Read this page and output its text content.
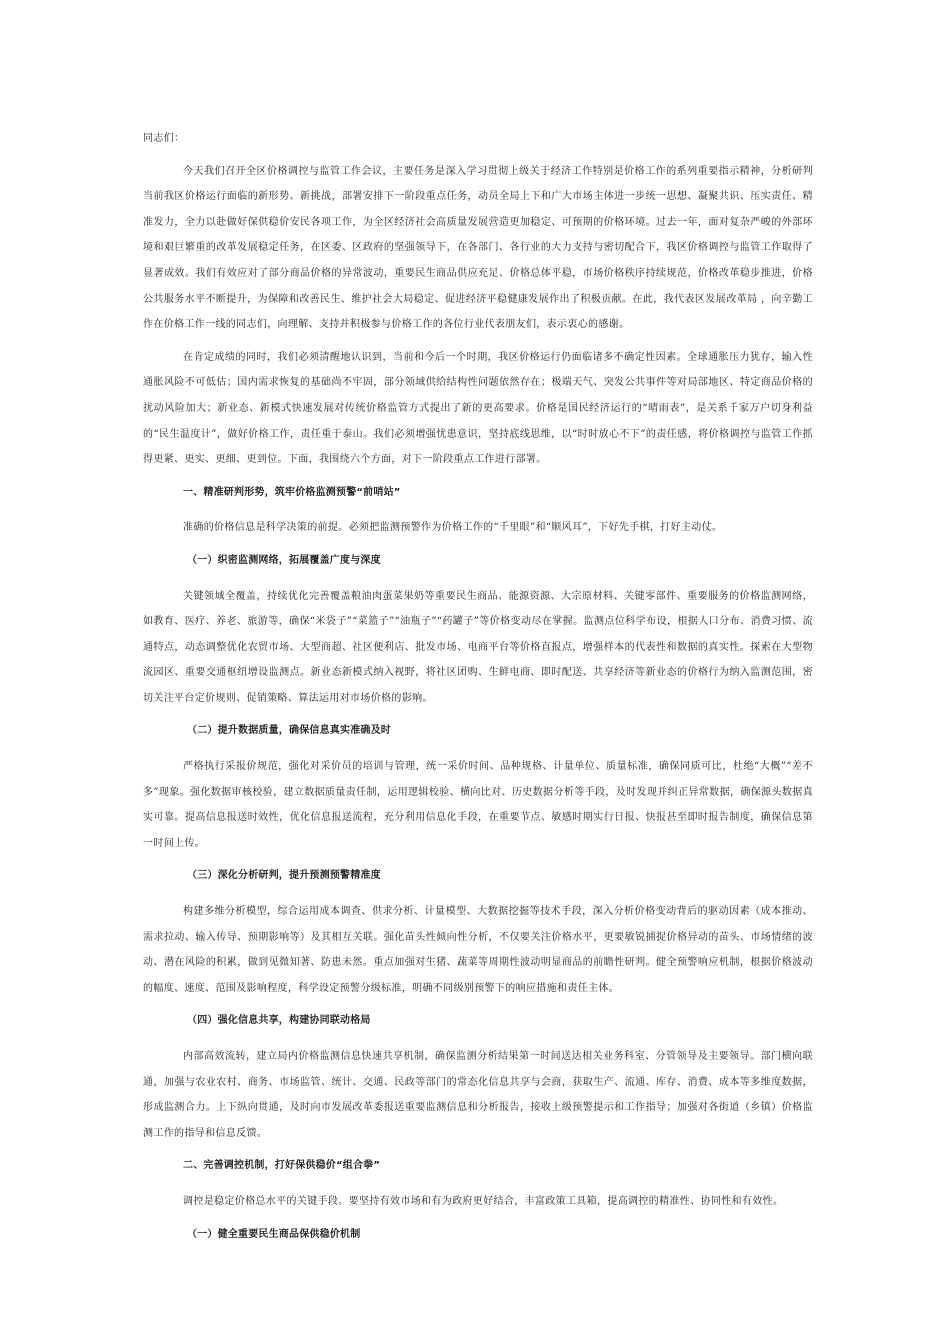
同志们：

今天我们召开全区价格调控与监管工作会议，主要任务是深入学习贯彻上级关于经济工作特别是价格工作的系列重要指示精神，分析研判当前我区价格运行面临的新形势、新挑战，部署安排下一阶段重点任务，动员全局上下和广大市场主体进一步统一思想、凝聚共识、压实责任、精准发力，全力以赴做好保供稳价安民各项工作，为全区经济社会高质量发展营造更加稳定、可预期的价格环境。过去一年，面对复杂严峻的外部环境和艰巨繁重的改革发展稳定任务，在区委、区政府的坚强领导下，在各部门、各行业的大力支持与密切配合下，我区价格调控与监管工作取得了显著成效。我们有效应对了部分商品价格的异常波动，重要民生商品供应充足、价格总体平稳，市场价格秩序持续规范，价格改革稳步推进，价格公共服务水平不断提升，为保障和改善民生、维护社会大局稳定、促进经济平稳健康发展作出了积极贡献。在此，我代表区发展改革局 ，向辛勤工作在价格工作一线的同志们，向理解、支持并积极参与价格工作的各位行业代表朋友们，表示衷心的感谢。

在肯定成绩的同时，我们必须清醒地认识到，当前和今后一个时期，我区价格运行仍面临诸多不确定性因素。全球通胀压力犹存，输入性通胀风险不可低估；国内需求恢复的基础尚不牢固，部分领域供给结构性问题依然存在；极端天气、突发公共事件等对局部地区、特定商品价格的扰动风险加大；新业态、新模式快速发展对传统价格监管方式提出了新的更高要求。价格是国民经济运行的“晴雨表”，是关系千家万户切身利益的“民生温度计”，做好价格工作，责任重于泰山。我们必须增强忧患意识，坚持底线思维，以“时时放心不下”的责任感，将价格调控与监管工作抓得更紧、更实、更细、更到位。下面，我围绕六个方面，对下一阶段重点工作进行部署。

一、精准研判形势，筑牢价格监测预警“前哨站”

准确的价格信息是科学决策的前提。必须把监测预警作为价格工作的“千里眼”和“顺风耳”，下好先手棋，打好主动仗。

（一）织密监测网络，拓展覆盖广度与深度

关键领域全覆盖，持续优化完善覆盖粮油肉蛋菜果奶等重要民生商品、能源资源、大宗原材料、关键零部件、重要服务的价格监测网络，如教育、医疗、养老、旅游等，确保“米袋子”“菜篮子”“油瓶子”“药罐子”等价格变动尽在掌握。监测点位科学布设，根据人口分布、消费习惯、流通特点，动态调整优化农贸市场、大型商超、社区便利店、批发市场、电商平台等价格直报点，增强样本的代表性和数据的真实性。探索在大型物流园区、重要交通枢纽增设监测点。新业态新模式纳入视野，将社区团购、生鲜电商、即时配送、共享经济等新业态的价格行为纳入监测范围，密切关注平台定价规则、促销策略、算法运用对市场价格的影响。

（二）提升数据质量，确保信息真实准确及时

严格执行采报价规范，强化对采价员的培训与管理，统一采价时间、品种规格、计量单位、质量标准，确保同质可比，杜绝“大概”“差不多”现象。强化数据审核校验，建立数据质量责任制，运用逻辑校验、横向比对、历史数据分析等手段，及时发现并纠正异常数据，确保源头数据真实可靠。提高信息报送时效性，优化信息报送流程，充分利用信息化手段，在重要节点、敏感时期实行日报、快报甚至即时报告制度，确保信息第一时间上传。

（三）深化分析研判，提升预测预警精准度

构建多维分析模型，综合运用成本调查、供求分析、计量模型、大数据挖掘等技术手段，深入分析价格变动背后的驱动因素（成本推动、需求拉动、输入传导、预期影响等）及其相互关联。强化苗头性倾向性分析，不仅要关注价格水平，更要敏锐捕捉价格异动的苗头、市场情绪的波动、潜在风险的积累，做到见微知著、防患未然。重点加强对生猪、蔬菜等周期性波动明显商品的前瞻性研判。健全预警响应机制，根据价格波动的幅度、速度、范围及影响程度，科学设定预警分级标准，明确不同级别预警下的响应措施和责任主体。

（四）强化信息共享，构建协同联动格局

内部高效流转，建立局内价格监测信息快速共享机制，确保监测分析结果第一时间送达相关业务科室、分管领导及主要领导。部门横向联通，加强与农业农村、商务、市场监管、统计、交通、民政等部门的常态化信息共享与会商，获取生产、流通、库存、消费、成本等多维度数据，形成监测合力。上下纵向贯通，及时向市发展改革委报送重要监测信息和分析报告，接收上级预警提示和工作指导；加强对各街道（乡镇）价格监测工作的指导和信息反馈。

二、完善调控机制，打好保供稳价“组合拳”

调控是稳定价格总水平的关键手段。要坚持有效市场和有为政府更好结合，丰富政策工具箱，提高调控的精准性、协同性和有效性。

（一）健全重要民生商品保供稳价机制
